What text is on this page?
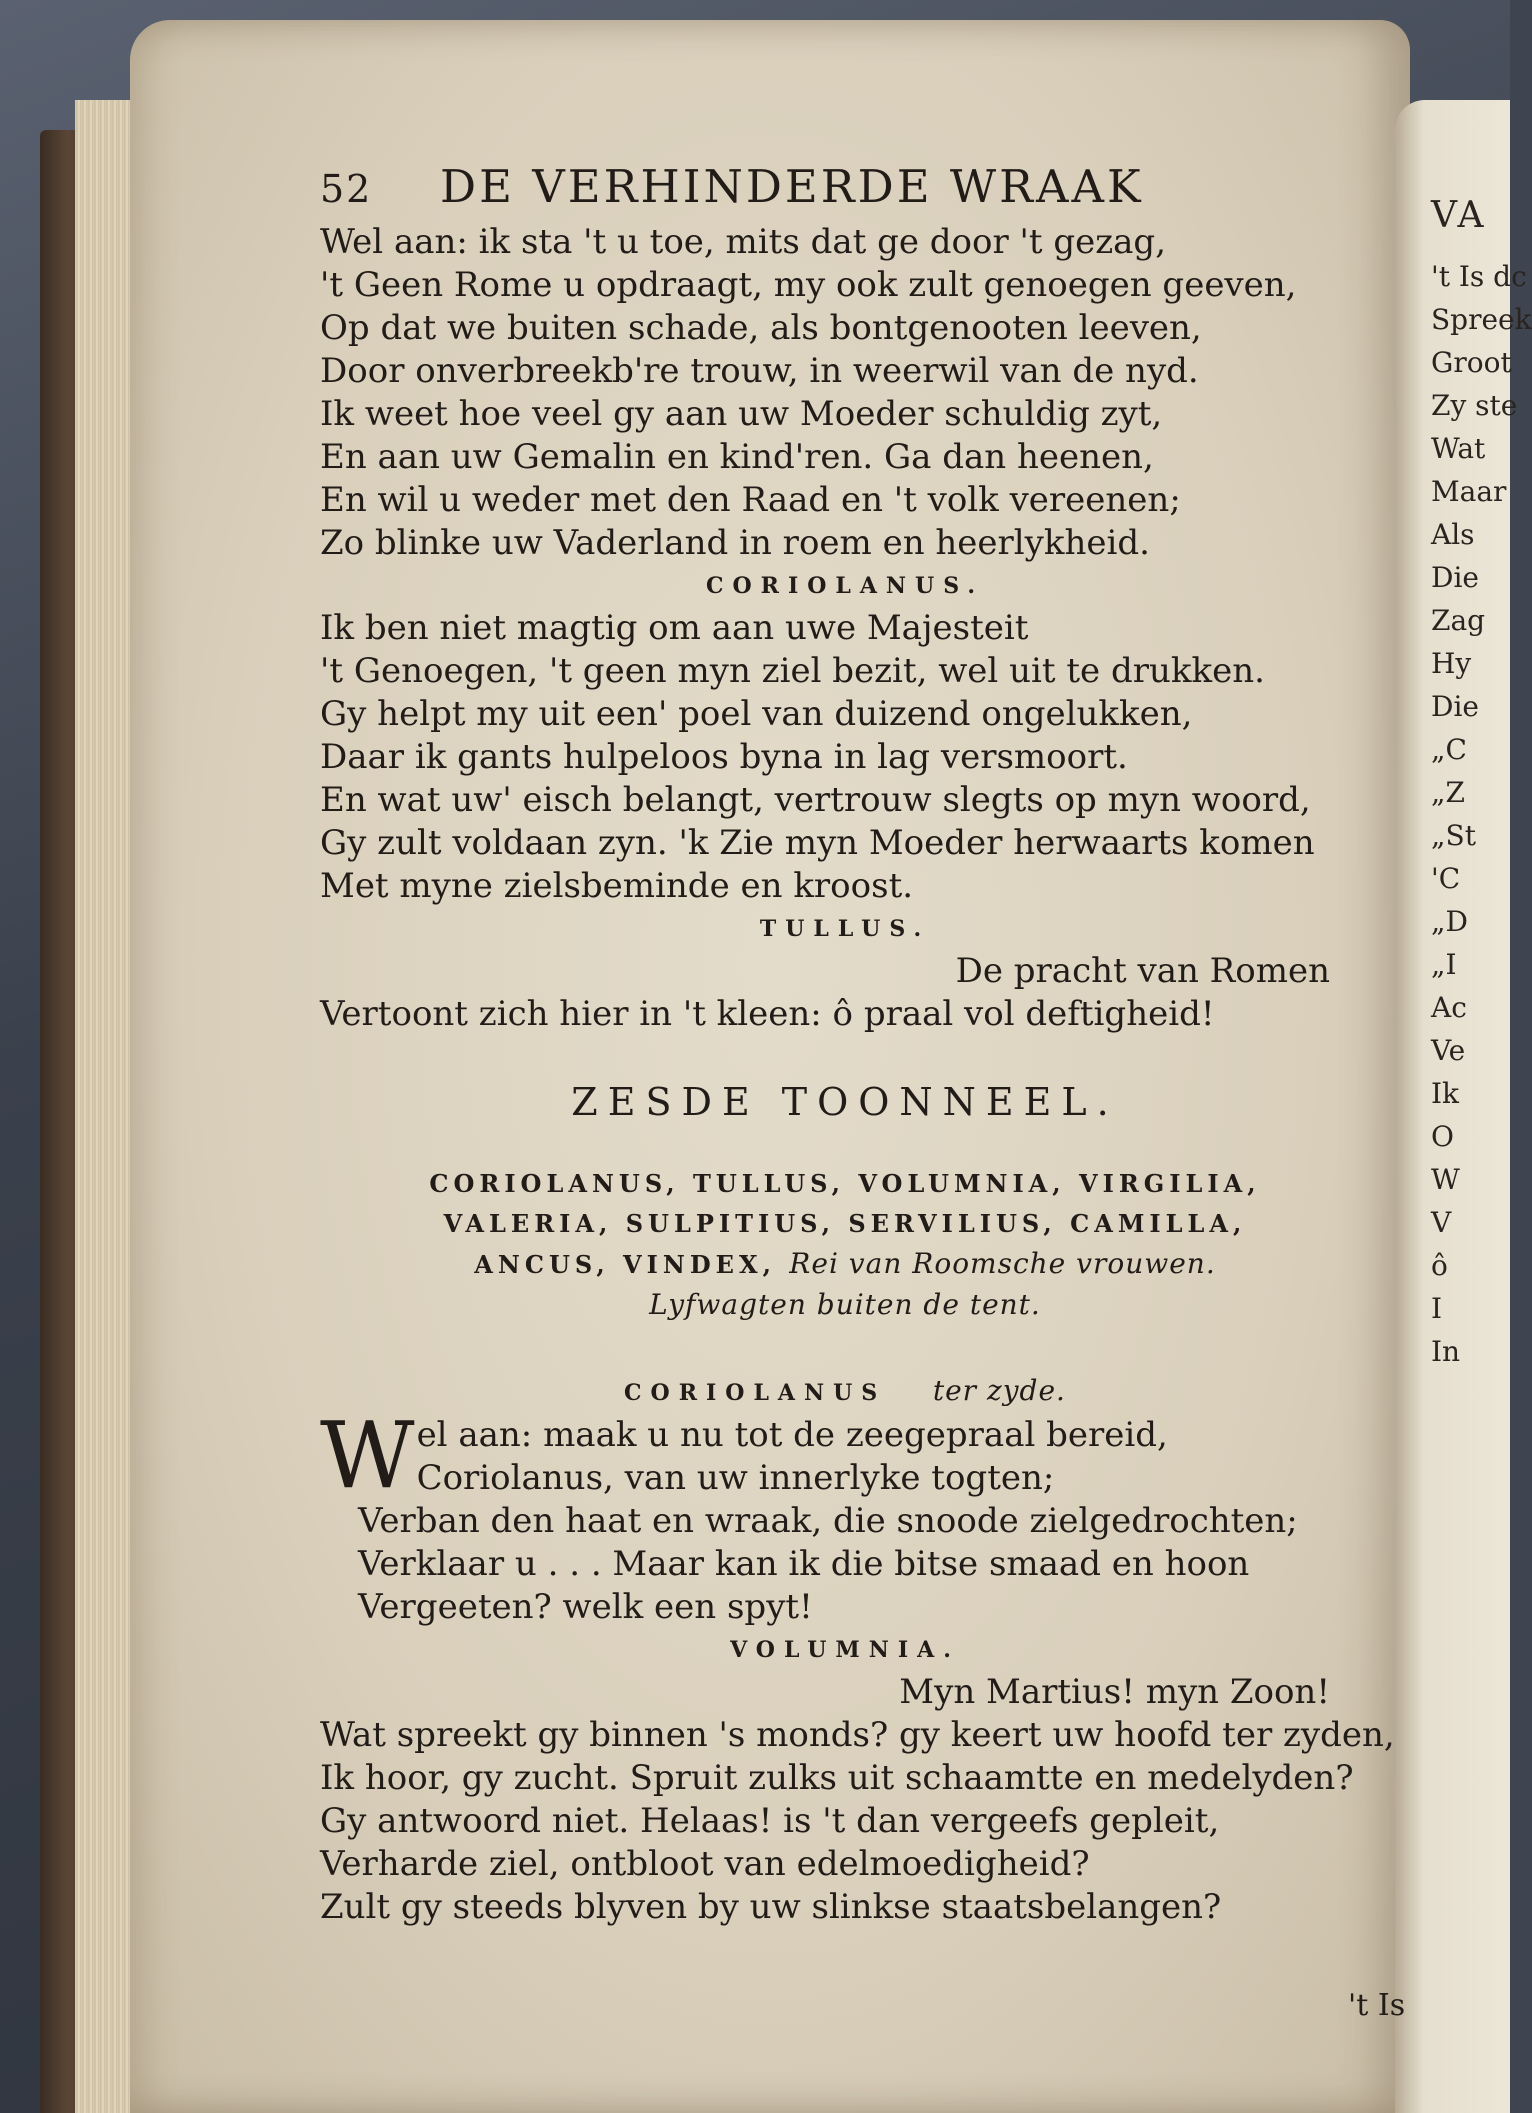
VA
't Is dc
Spreek
Groot
Zy ste
Wat
Maar
Als
Die
Zag
Hy
Die
„C
„Z
„St
'C
„D
„I
Ac
Ve
Ik
O
W
V
ô
I
In
52	DE VERHINDERDE WRAAK
Wel aan: ik sta 't u toe, mits dat ge door 't gezag,
't Geen Rome u opdraagt, my ook zult genoegen geeven,
Op dat we buiten schade, als bontgenooten leeven,
Door onverbreekb're trouw, in weerwil van de nyd.
Ik weet hoe veel gy aan uw Moeder schuldig zyt,
En aan uw Gemalin en kind'ren. Ga dan heenen,
En wil u weder met den Raad en 't volk vereenen;
Zo blinke uw Vaderland in roem en heerlykheid.
CORIOLANUS.
Ik ben niet magtig om aan uwe Majesteit
't Genoegen, 't geen myn ziel bezit, wel uit te drukken.
Gy helpt my uit een' poel van duizend ongelukken,
Daar ik gants hulpeloos byna in lag versmoort.
En wat uw' eisch belangt, vertrouw slegts op myn woord,
Gy zult voldaan zyn. 'k Zie myn Moeder herwaarts komen
Met myne zielsbeminde en kroost.
TULLUS.
De pracht van Romen
Vertoont zich hier in 't kleen: ô praal vol deftigheid!
ZESDE TOONNEEL.
CORIOLANUS, TULLUS, VOLUMNIA, VIRGILIA,
VALERIA, SULPITIUS, SERVILIUS, CAMILLA,
ANCUS, VINDEX, Rei van Roomsche vrouwen.
Lyfwagten buiten de tent.
CORIOLANUS ter zyde.
W el aan: maak u nu tot de zeegepraal bereid,
Coriolanus, van uw innerlyke togten;
Verban den haat en wraak, die snoode zielgedrochten;
Verklaar u . . . Maar kan ik die bitse smaad en hoon
Vergeeten? welk een spyt!
VOLUMNIA.
Myn Martius! myn Zoon!
Wat spreekt gy binnen 's monds? gy keert uw hoofd ter zyden,
Ik hoor, gy zucht. Spruit zulks uit schaamtte en medelyden?
Gy antwoord niet. Helaas! is 't dan vergeefs gepleit,
Verharde ziel, ontbloot van edelmoedigheid?
Zult gy steeds blyven by uw slinkse staatsbelangen?
't Is
